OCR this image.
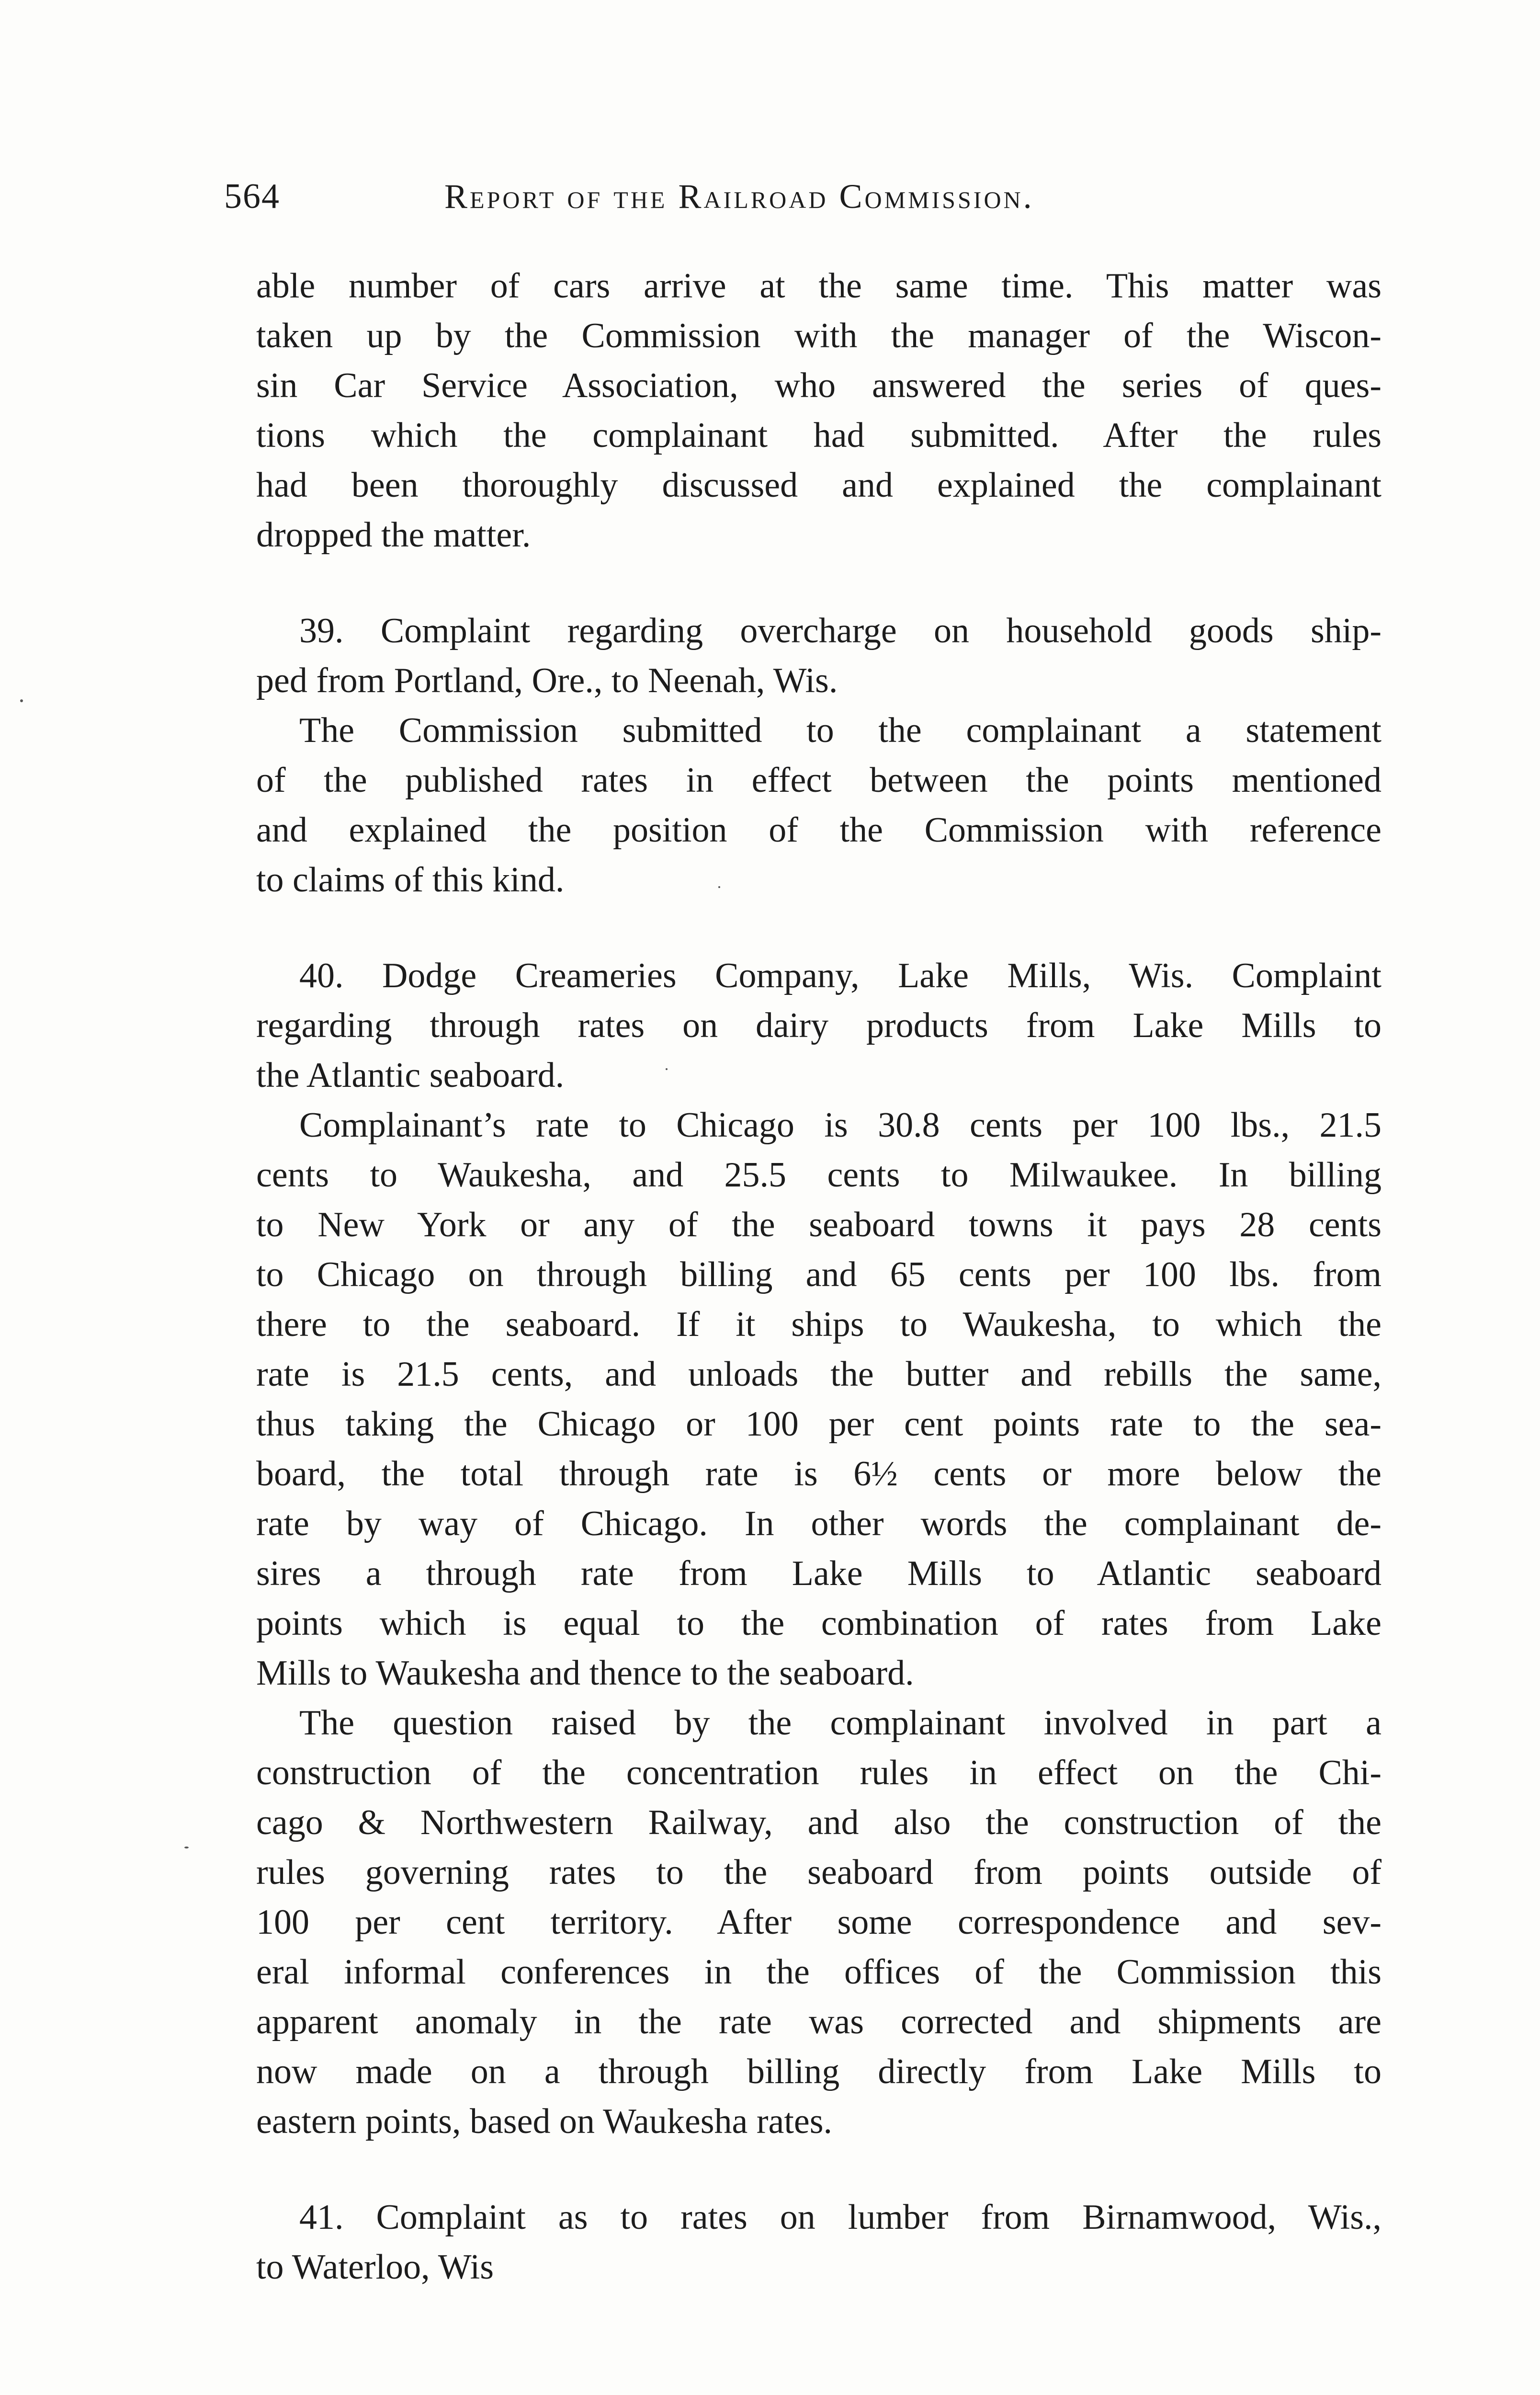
564	Report of the Railroad Commission.
able number of cars arrive at the same time. This matter was
taken up by the Commission with the manager of the Wiscon-
sin Car Service Association, who answered the series of ques-
tions which the complainant had submitted. After the rules
had been thoroughly discussed and explained the complainant
dropped the matter.
39. Complaint regarding overcharge on household goods ship-
ped from Portland, Ore., to Neenah, Wis.
The Commission submitted to the complainant a statement
of the published rates in effect between the points mentioned
and explained the position of the Commission with reference
to claims of this kind.
40. Dodge Creameries Company, Lake Mills, Wis. Complaint
regarding through rates on dairy products from Lake Mills to
the Atlantic seaboard.
Complainant’s rate to Chicago is 30.8 cents per 100 lbs., 21.5
cents to Waukesha, and 25.5 cents to Milwaukee. In billing
to New York or any of the seaboard towns it pays 28 cents
to Chicago on through billing and 65 cents per 100 lbs. from
there to the seaboard. If it ships to Waukesha, to which the
rate is 21.5 cents, and unloads the butter and rebills the same,
thus taking the Chicago or 100 per cent points rate to the sea-
board, the total through rate is 6½ cents or more below the
rate by way of Chicago. In other words the complainant de-
sires a through rate from Lake Mills to Atlantic seaboard
points which is equal to the combination of rates from Lake
Mills to Waukesha and thence to the seaboard.
The question raised by the complainant involved in part a
construction of the concentration rules in effect on the Chi-
cago & Northwestern Railway, and also the construction of the
rules governing rates to the seaboard from points outside of
100 per cent territory. After some correspondence and sev-
eral informal conferences in the offices of the Commission this
apparent anomaly in the rate was corrected and shipments are
now made on a through billing directly from Lake Mills to
eastern points, based on Waukesha rates.
41. Complaint as to rates on lumber from Birnamwood, Wis.,
to Waterloo, Wis
